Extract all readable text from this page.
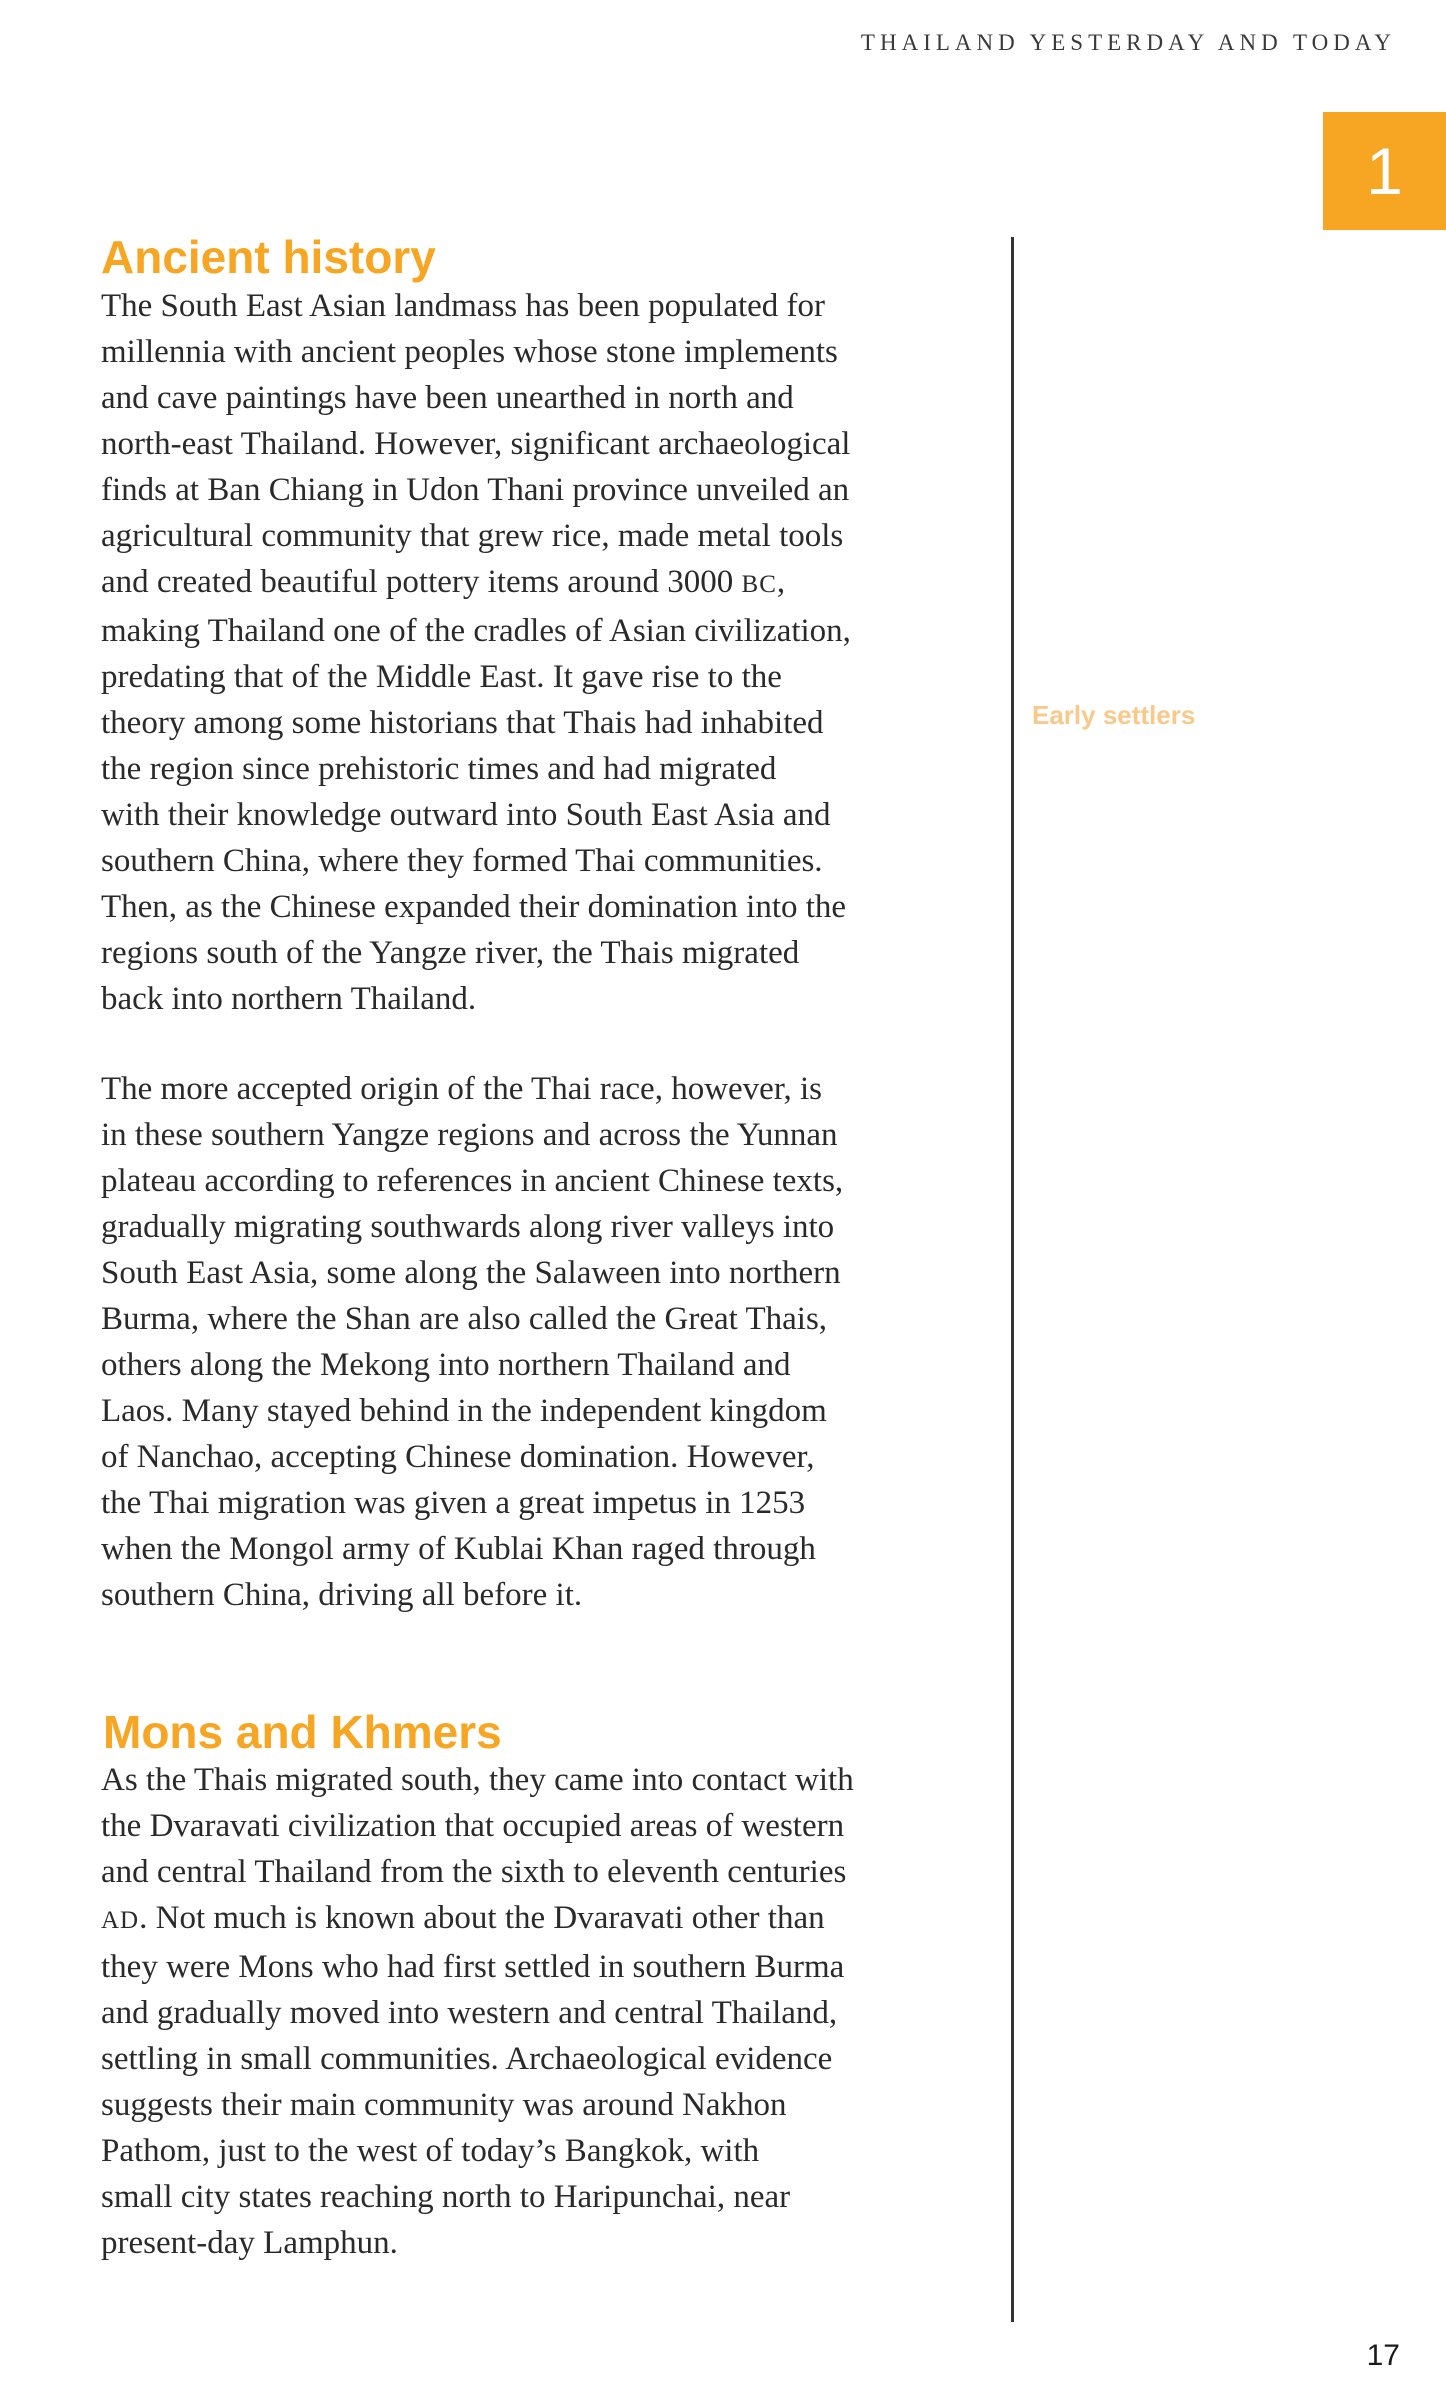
THAILAND YESTERDAY AND TODAY
1
Ancient history

The South East Asian landmass has been populated for
millennia with ancient peoples whose stone implements
and cave paintings have been unearthed in north and
north-east Thailand. However, significant archaeological
finds at Ban Chiang in Udon Thani province unveiled an
agricultural community that grew rice, made metal tools
and created beautiful pottery items around 3000 BC,
making Thailand one of the cradles of Asian civilization,
predating that of the Middle East. It gave rise to the
theory among some historians that Thais had inhabited
the region since prehistoric times and had migrated
with their knowledge outward into South East Asia and
southern China, where they formed Thai communities.
Then, as the Chinese expanded their domination into the
regions south of the Yangze river, the Thais migrated
back into northern Thailand.

The more accepted origin of the Thai race, however, is
in these southern Yangze regions and across the Yunnan
plateau according to references in ancient Chinese texts,
gradually migrating southwards along river valleys into
South East Asia, some along the Salaween into northern
Burma, where the Shan are also called the Great Thais,
others along the Mekong into northern Thailand and
Laos. Many stayed behind in the independent kingdom
of Nanchao, accepting Chinese domination. However,
the Thai migration was given a great impetus in 1253
when the Mongol army of Kublai Khan raged through
southern China, driving all before it.

Mons and Khmers

As the Thais migrated south, they came into contact with
the Dvaravati civilization that occupied areas of western
and central Thailand from the sixth to eleventh centuries
AD. Not much is known about the Dvaravati other than
they were Mons who had first settled in southern Burma
and gradually moved into western and central Thailand,
settling in small communities. Archaeological evidence
suggests their main community was around Nakhon
Pathom, just to the west of today’s Bangkok, with
small city states reaching north to Haripunchai, near
present-day Lamphun.

Early settlers
17
